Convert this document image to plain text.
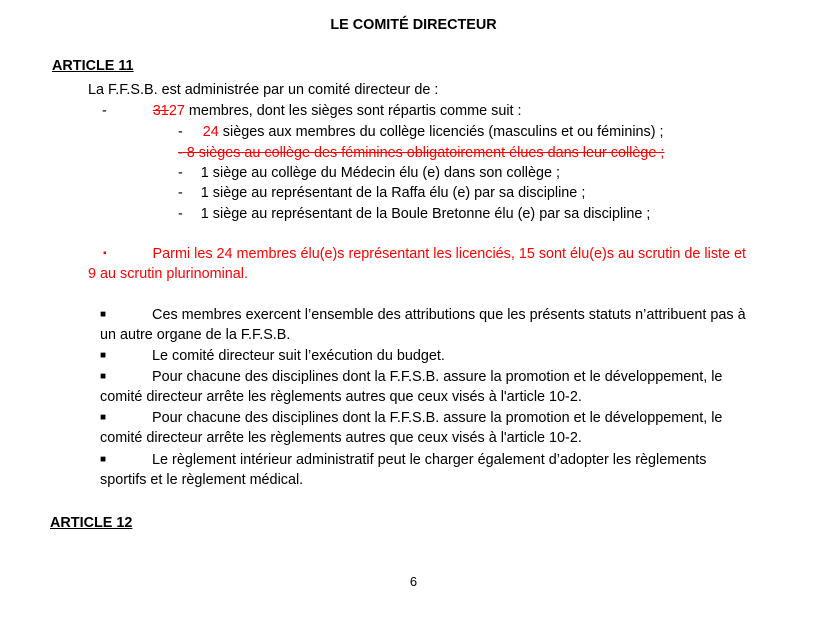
LE COMITÉ DIRECTEUR
ARTICLE 11
La F.F.S.B. est administrée par un comité directeur de :
-	3127 membres, dont les sièges sont répartis comme suit :
- 24 sièges aux membres du collège licenciés (masculins et ou féminins) ;
- 8 sièges au collège des féminines obligatoirement élues dans leur collège ;
- 1 siège au collège du Médecin élu (e) dans son collège ;
- 1 siège au représentant de la Raffa élu (e) par sa discipline ;
- 1 siège au représentant de la Boule Bretonne élu (e) par sa discipline ;
▪	Parmi les 24 membres élu(e)s représentant les licenciés, 15 sont élu(e)s au scrutin de liste et
9 au scrutin plurinominal.
■	Ces membres exercent l’ensemble des attributions que les présents statuts n’attribuent pas à
un autre organe de la F.F.S.B.
■	Le comité directeur suit l’exécution du budget.
■	Pour chacune des disciplines dont la F.F.S.B. assure la promotion et le développement, le
comité directeur arrête les règlements autres que ceux visés à l'article 10-2.
■	Pour chacune des disciplines dont la F.F.S.B. assure la promotion et le développement, le
comité directeur arrête les règlements autres que ceux visés à l'article 10-2.
■	Le règlement intérieur administratif peut le charger également d’adopter les règlements
sportifs et le règlement médical.
ARTICLE 12
6
